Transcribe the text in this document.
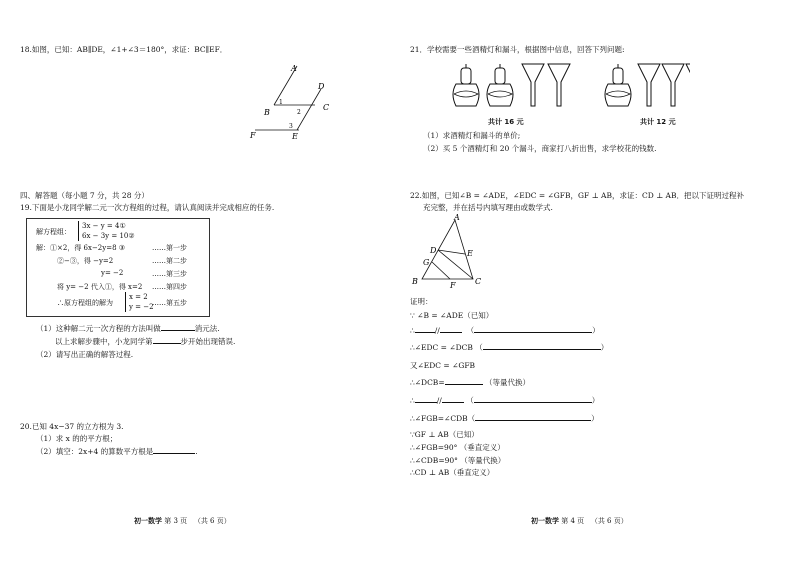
18.如图，已知：AB∥DE，∠1+∠3＝180°，求证：BC∥EF．
A
B
C
D
E
F
1
2
3
四、解答题（每小题 7 分，共 28 分）
19.下面是小龙同学解二元一次方程组的过程，请认真阅读并完成相应的任务.
解方程组：
3x − y = 4①
6x − 3y = 10②
解：①×2，得 6x−2y=8 ③	……第一步
②−③，得 −y=2	……第二步
y= −2	……第三步
将 y= −2 代入①，得 x=2 ……第四步
∴原方程组的解为
x = 2
y = −2
……第五步
（1）这种解二元一次方程的方法叫做	消元法.
以上求解步骤中，小龙同学第	步开始出现错误.
（2）请写出正确的解答过程.
20.已知 4x−37 的立方根为 3.
（1）求 x 的的平方根；
（2）填空：2x+4 的算数平方根是	.
初一数学 第 3 页 （共 6 页）
21．学校需要一些酒精灯和漏斗，根据图中信息，回答下列问题:
共计 16 元	共计 12 元
（1）求酒精灯和漏斗的单价;
（2）买 5 个酒精灯和 20 个漏斗，商家打八折出售，求学校花的钱数.
22.如图，已知∠B = ∠ADE，∠EDC = ∠GFB，GF ⊥ AB，求证：CD ⊥ AB．把以下证明过程补
充完整，并在括号内填写理由或数学式.
A
B	C
D	E
F
G
证明：
∵ ∠B = ∠ADE（已知）
∴	//	（	）
∴∠EDC = ∠DCB （	）
又∠EDC = ∠GFB
∴∠DCB=	（等量代换）
∴	//	（	）
∴∠FGB=∠CDB（	）
∵GF ⊥ AB（已知）
∴∠FGB=90° （垂直定义）
∴∠CDB=90° （等量代换）
∴CD ⊥ AB（垂直定义）
初一数学 第 4 页 （共 6 页）
